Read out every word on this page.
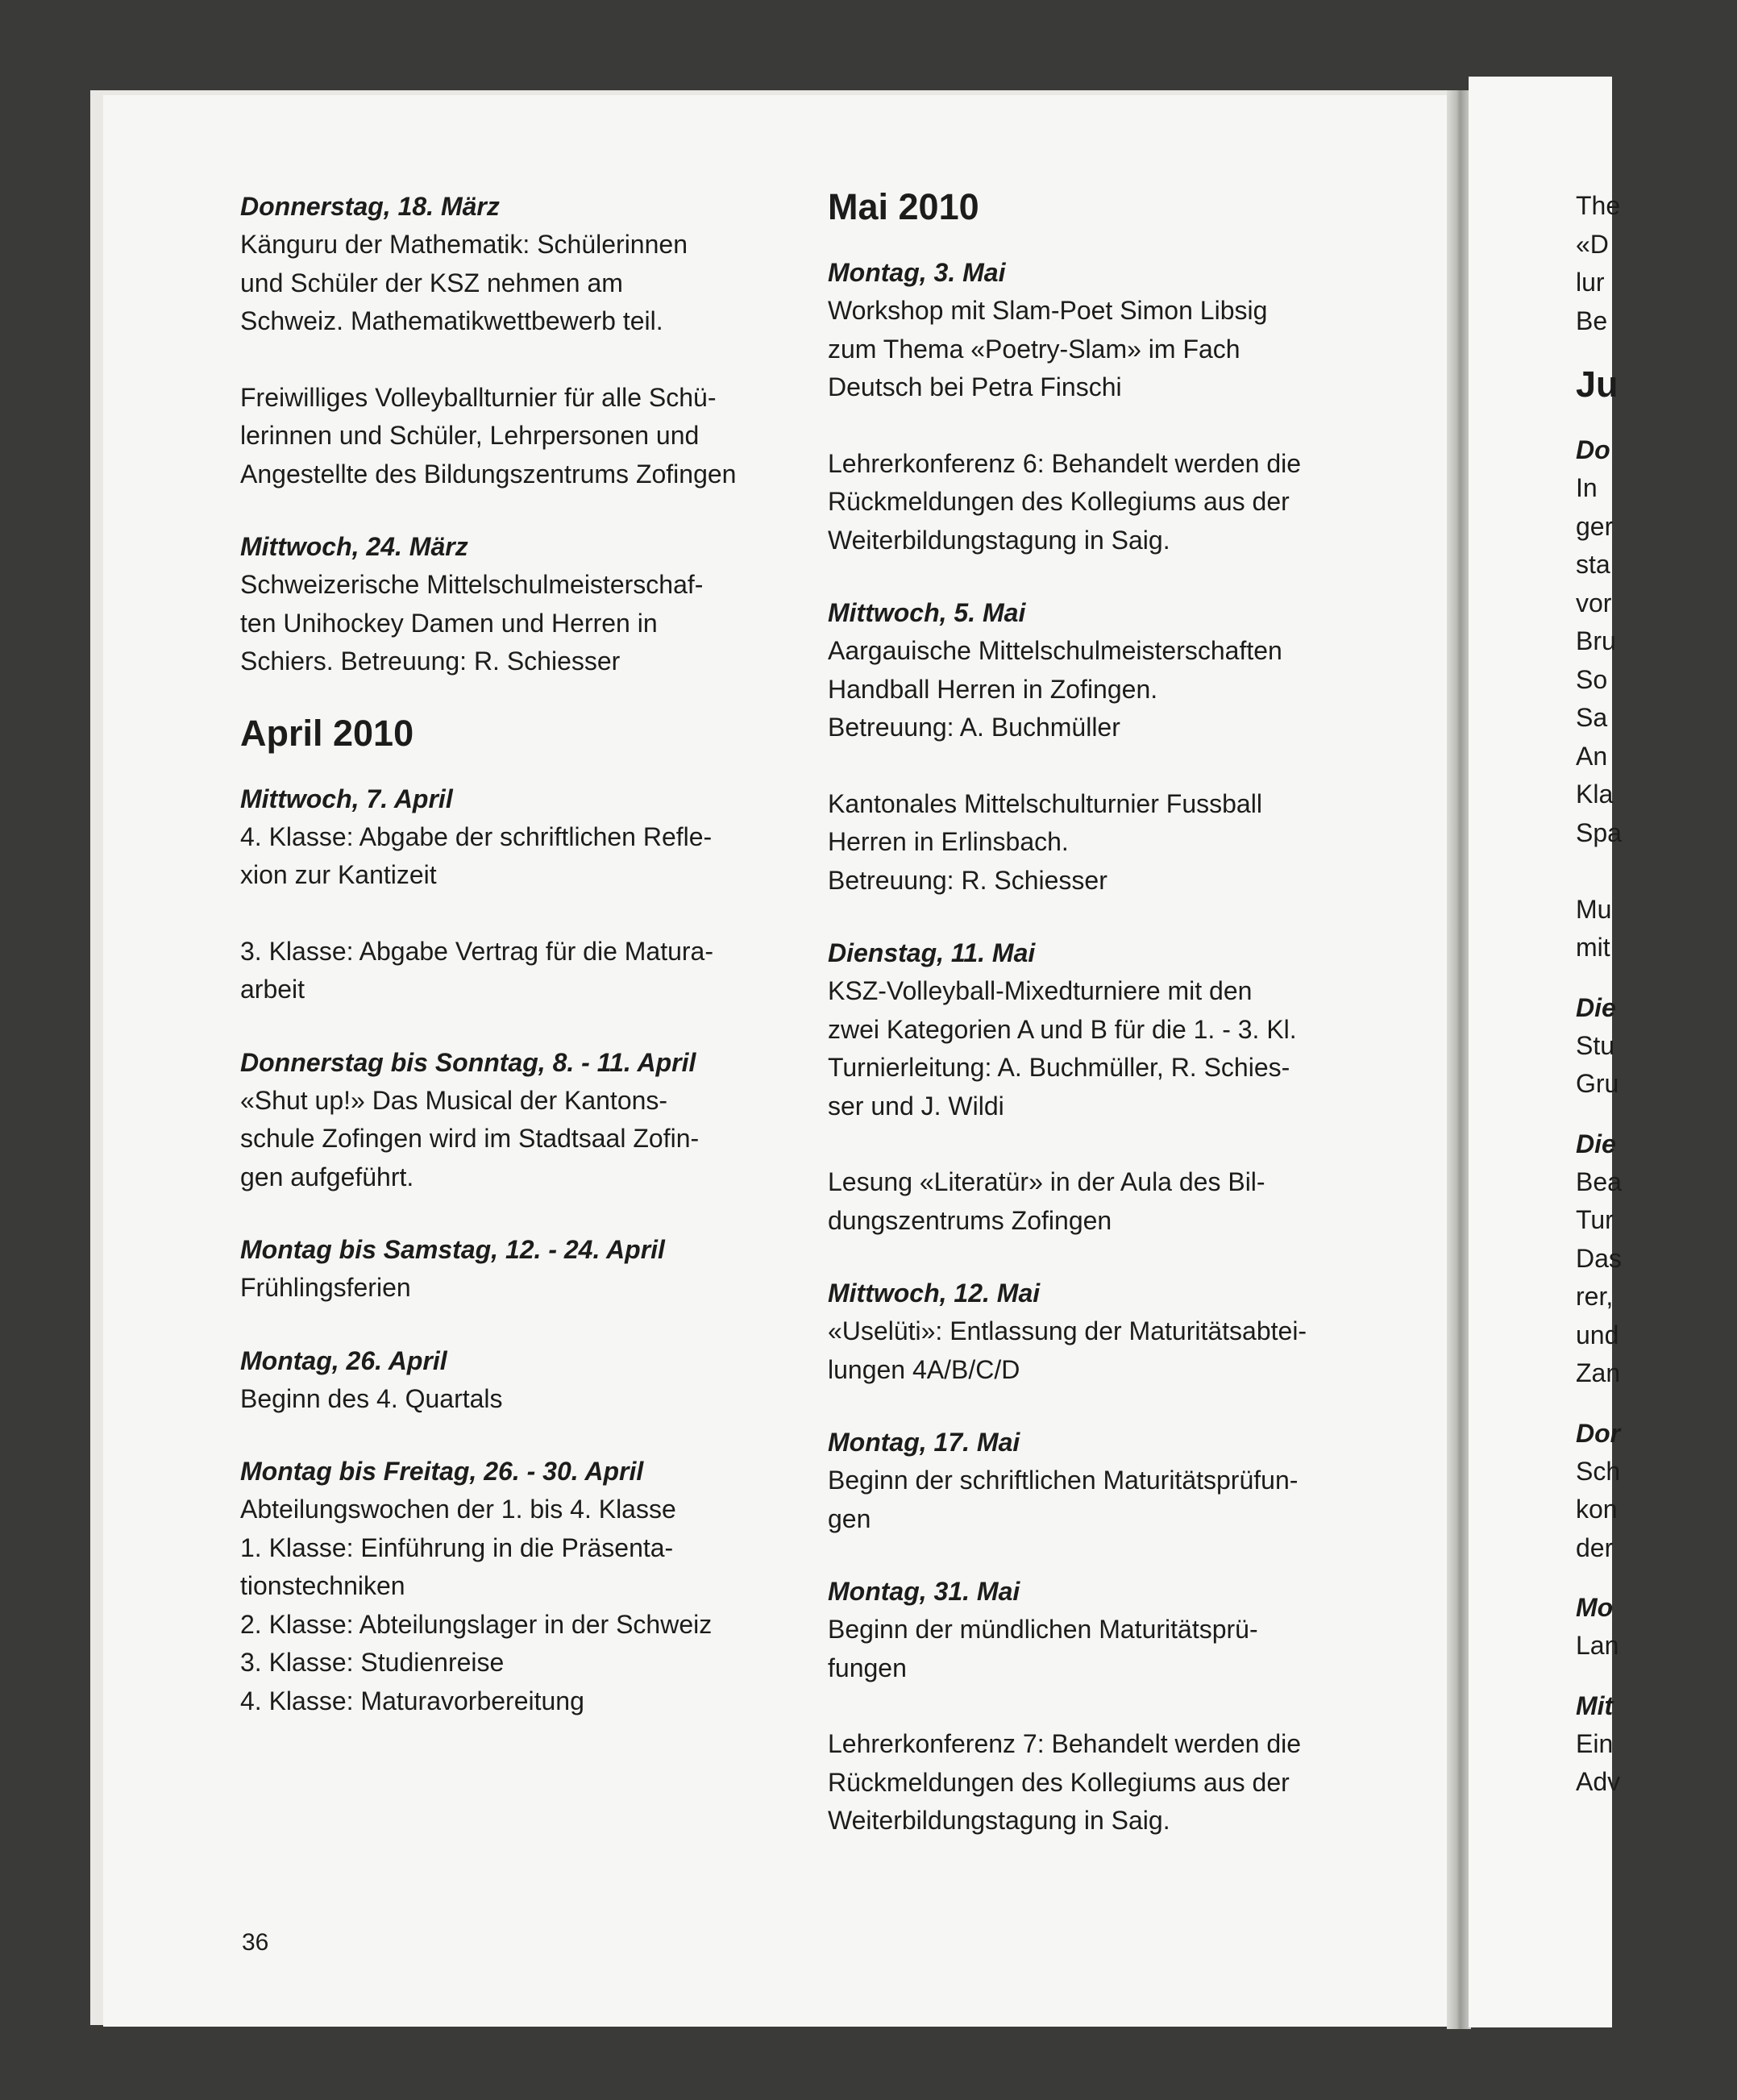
Donnerstag, 18. März

Känguru der Mathematik: Schülerinnen
und Schüler der KSZ nehmen am
Schweiz. Mathematikwettbewerb teil.

Freiwilliges Volleyballturnier für alle Schü-
lerinnen und Schüler, Lehrpersonen und
Angestellte des Bildungszentrums Zofingen

Mittwoch, 24. März

Schweizerische Mittelschulmeisterschaf-
ten Unihockey Damen und Herren in
Schiers. Betreuung: R. Schiesser

April 2010

Mittwoch, 7. April

4. Klasse: Abgabe der schriftlichen Refle-
xion zur Kantizeit

3. Klasse: Abgabe Vertrag für die Matura-
arbeit

Donnerstag bis Sonntag, 8. - 11. April

«Shut up!» Das Musical der Kantons-
schule Zofingen wird im Stadtsaal Zofin-
gen aufgeführt.

Montag bis Samstag, 12. - 24. April

Frühlingsferien

Montag, 26. April

Beginn des 4. Quartals

Montag bis Freitag, 26. - 30. April

Abteilungswochen der 1. bis 4. Klasse
1. Klasse: Einführung in die Präsenta-
tionstechniken
2. Klasse: Abteilungslager in der Schweiz
3. Klasse: Studienreise
4. Klasse: Maturavorbereitung

Mai 2010

Montag, 3. Mai

Workshop mit Slam-Poet Simon Libsig
zum Thema «Poetry-Slam» im Fach
Deutsch bei Petra Finschi

Lehrerkonferenz 6: Behandelt werden die
Rückmeldungen des Kollegiums aus der
Weiterbildungstagung in Saig.

Mittwoch, 5. Mai

Aargauische Mittelschulmeisterschaften
Handball Herren in Zofingen.
Betreuung: A. Buchmüller

Kantonales Mittelschulturnier Fussball
Herren in Erlinsbach.
Betreuung: R. Schiesser

Dienstag, 11. Mai

KSZ-Volleyball-Mixedturniere mit den
zwei Kategorien A und B für die 1. - 3. Kl.
Turnierleitung: A. Buchmüller, R. Schies-
ser und J. Wildi

Lesung «Literatür» in der Aula des Bil-
dungszentrums Zofingen

Mittwoch, 12. Mai

«Uselüti»: Entlassung der Maturitätsabtei-
lungen 4A/B/C/D

Montag, 17. Mai

Beginn der schriftlichen Maturitätsprüfun-
gen

Montag, 31. Mai

Beginn der mündlichen Maturitätsprü-
fungen

Lehrerkonferenz 7: Behandelt werden die
Rückmeldungen des Kollegiums aus der
Weiterbildungstagung in Saig.

The

«D

lur

Be

Ju

Do

In

ger

sta

vor

Bru

So

Sa

An

Kla

Spa

Mu

mit

Die

Stu

Gru

Die

Bea

Tur

Das

rer,

und

Zan

Dor

Sch

kon

der

Mo

Lan

Mit

Ein

Adv

36
